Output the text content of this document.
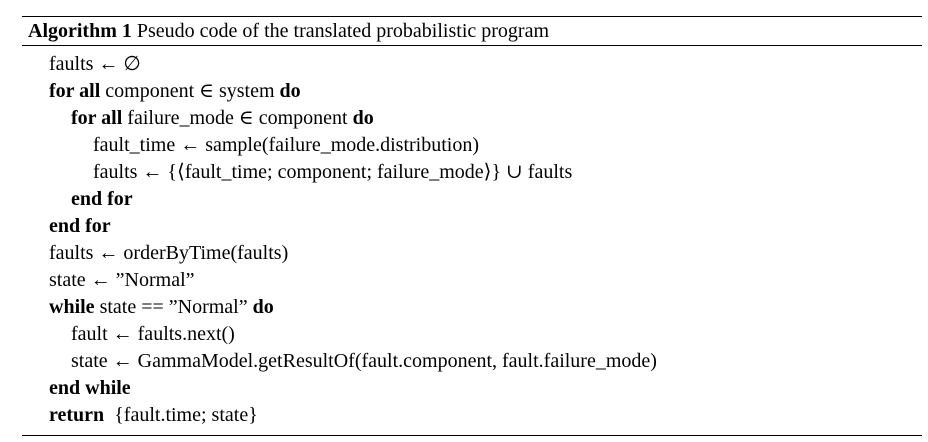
Algorithm 1 Pseudo code of the translated probabilistic program
faults ← ∅
for all component ∈ system do
for all failure_mode ∈ component do
fault_time ← sample(failure_mode.distribution)
faults ← {⟨fault_time; component; failure_mode⟩} ∪ faults
end for
end for
faults ← orderByTime(faults)
state ← ”Normal”
while state == ”Normal” do
fault ← faults.next()
state ← GammaModel.getResultOf(fault.component, fault.failure_mode)
end while
return  {fault.time; state}
